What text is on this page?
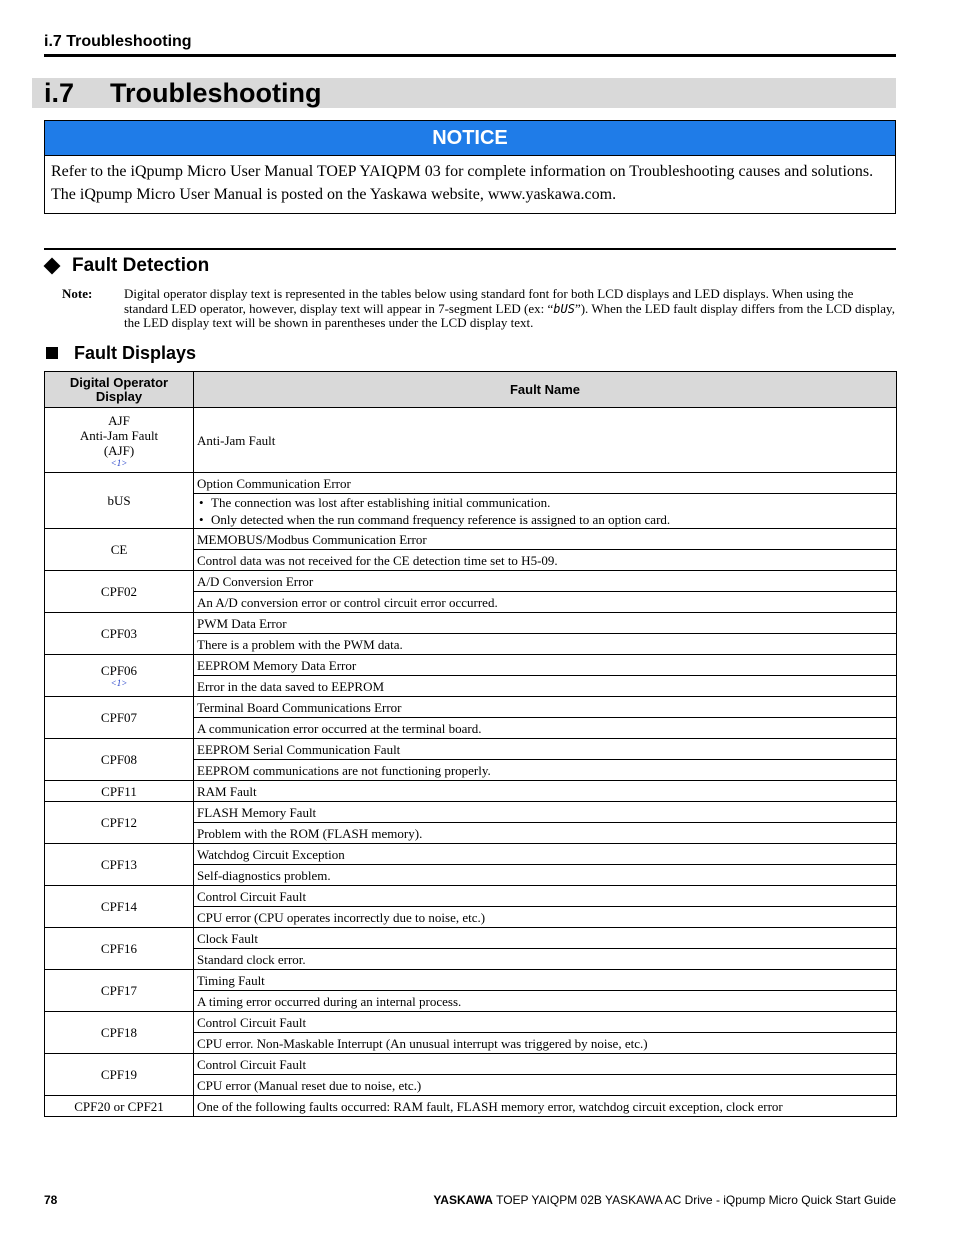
i.7 Troubleshooting
i.7	Troubleshooting
NOTICE

Refer to the iQpump Micro User Manual TOEP YAIQPM 03 for complete information on Troubleshooting causes and solutions.

The iQpump Micro User Manual is posted on the Yaskawa website, www.yaskawa.com.

Fault Detection
Note:	Digital operator display text is represented in the tables below using standard font for both LCD displays and LED displays. When using the standard LED operator, however, display text will appear in 7-segment LED (ex: “bUS”). When the LED fault display differs from the LCD display, the LED display text will be shown in parentheses under the LCD display text.
Fault Displays
Digital Operator Display	Fault Name

AJF
Anti-Jam Fault
(AJF)
<1>	Anti-Jam Fault
bUS	Option Communication Error

	• The connection was lost after establishing initial communication.
• Only detected when the run command frequency reference is assigned to an option card.

CE	MEMOBUS/Modbus Communication Error
	Control data was not received for the CE detection time set to H5-09.

CPF02	A/D Conversion Error
	An A/D conversion error or control circuit error occurred.

CPF03	PWM Data Error
	There is a problem with the PWM data.

CPF06
<1>	EEPROM Memory Data Error
	Error in the data saved to EEPROM

CPF07	Terminal Board Communications Error
	A communication error occurred at the terminal board.

CPF08	EEPROM Serial Communication Fault
	EEPROM communications are not functioning properly.

CPF11	RAM Fault

CPF12	FLASH Memory Fault
	Problem with the ROM (FLASH memory).

CPF13	Watchdog Circuit Exception
	Self-diagnostics problem.

CPF14	Control Circuit Fault
	CPU error (CPU operates incorrectly due to noise, etc.)

CPF16	Clock Fault
	Standard clock error.

CPF17	Timing Fault
	A timing error occurred during an internal process.

CPF18	Control Circuit Fault
	CPU error. Non-Maskable Interrupt (An unusual interrupt was triggered by noise, etc.)

CPF19	Control Circuit Fault
	CPU error (Manual reset due to noise, etc.)

CPF20 or CPF21	One of the following faults occurred: RAM fault, FLASH memory error, watchdog circuit exception, clock error
78	YASKAWA TOEP YAIQPM 02B YASKAWA AC Drive - iQpump Micro Quick Start Guide
